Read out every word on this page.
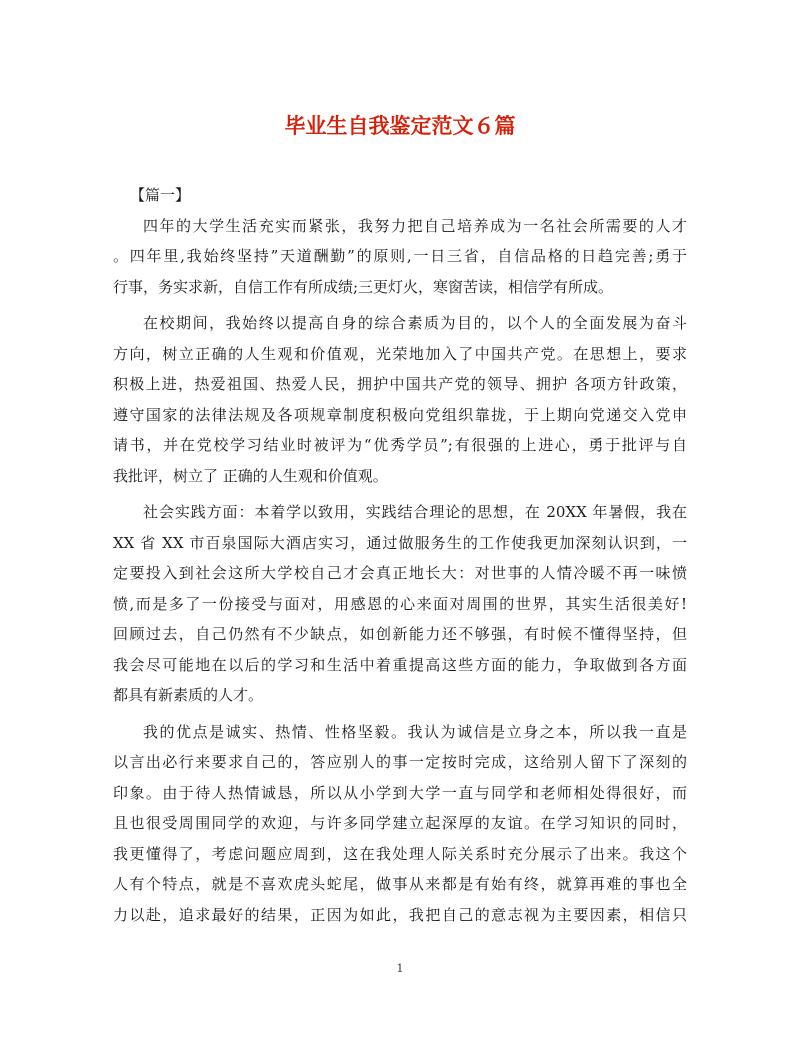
毕业生自我鉴定范文６篇

【篇一】

四年的大学生活充实而紧张，我努力把自己培养成为一名社会所需要的人才
。四年里,我始终坚持”天道酬勤”的原则,一日三省，自信品格的日趋完善;勇于
行事，务实求新，自信工作有所成绩;三更灯火，寒窗苦读，相信学有所成。
在校期间，我始终以提高自身的综合素质为目的，以个人的全面发展为奋斗
方向，树立正确的人生观和价值观，光荣地加入了中国共产党。在思想上，要求
积极上进，热爱祖国、热爱人民，拥护中国共产党的领导、拥护 各项方针政策，
遵守国家的法律法规及各项规章制度积极向党组织靠拢，于上期向党递交入党申
请书，并在党校学习结业时被评为“优秀学员”;有很强的上进心，勇于批评与自
我批评，树立了 正确的人生观和价值观。
社会实践方面：本着学以致用，实践结合理论的思想，在 20XX 年暑假，我在
XX 省 XX 市百泉国际大酒店实习，通过做服务生的工作使我更加深刻认识到，一
定要投入到社会这所大学校自己才会真正地长大：对世事的人情冷暖不再一味愤
愤,而是多了一份接受与面对，用感恩的心来面对周围的世界，其实生活很美好!
回顾过去，自己仍然有不少缺点，如创新能力还不够强，有时候不懂得坚持，但
我会尽可能地在以后的学习和生活中着重提高这些方面的能力，争取做到各方面
都具有新素质的人才。
我的优点是诚实、热情、性格坚毅。我认为诚信是立身之本，所以我一直是
以言出必行来要求自己的，答应别人的事一定按时完成，这给别人留下了深刻的
印象。由于待人热情诚恳，所以从小学到大学一直与同学和老师相处得很好，而
且也很受周围同学的欢迎，与许多同学建立起深厚的友谊。在学习知识的同时，
我更懂得了，考虑问题应周到，这在我处理人际关系时充分展示了出来。我这个
人有个特点，就是不喜欢虎头蛇尾，做事从来都是有始有终，就算再难的事也全
力以赴，追求最好的结果，正因为如此，我把自己的意志视为主要因素，相信只
1
